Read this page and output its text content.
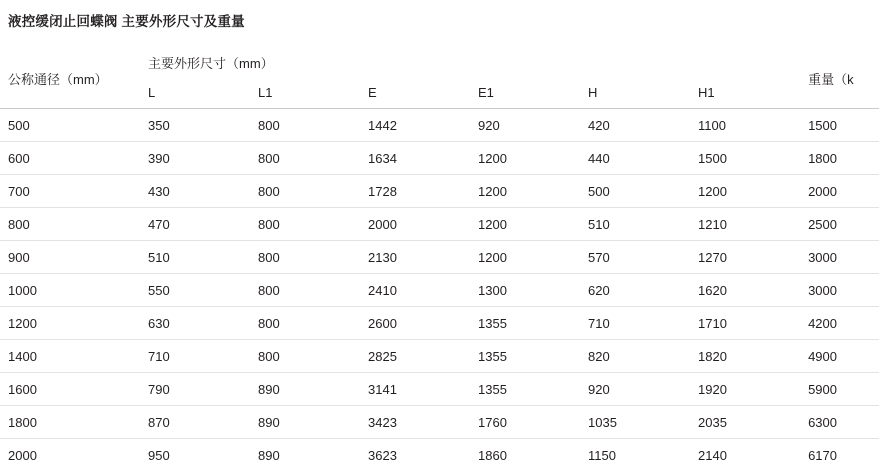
液控缓闭止回蝶阀 主要外形尺寸及重量
公称通径（mm）	主要外形尺寸（mm）						重量（k
	L	L1	E	E1	H	H1	
500	350	800	1442	920	420	1100	1500
600	390	800	1634	1200	440	1500	1800
700	430	800	1728	1200	500	1200	2000
800	470	800	2000	1200	510	1210	2500
900	510	800	2130	1200	570	1270	3000
1000	550	800	2410	1300	620	1620	3000
1200	630	800	2600	1355	710	1710	4200
1400	710	800	2825	1355	820	1820	4900
1600	790	890	3141	1355	920	1920	5900
1800	870	890	3423	1760	1035	2035	6300
2000	950	890	3623	1860	1150	2140	6170
